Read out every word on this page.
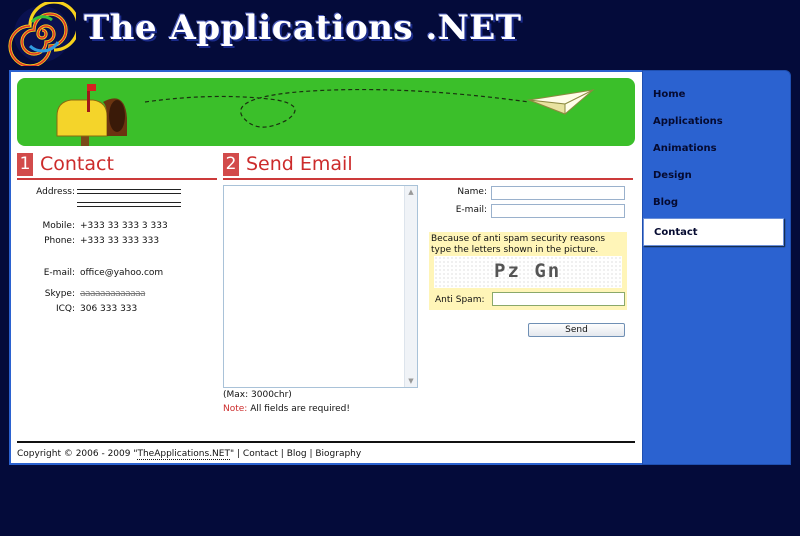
The Applications .NET
1 Contact	2 Send Email
Address:
Mobile: +333 33 333 3 333
Phone: +333 33 333 333
E-mail: office@yahoo.com
Skype: aaaaaaaaaaaaa
ICQ: 306 333 333
▲
▼
(Max: 3000chr)
Note: All fields are required!
Name:
E-mail:
Because of anti spam security reasons type the letters shown in the picture.
Pz Gn
Anti Spam:
Send
Copyright © 2006 - 2009 "TheApplications.NET" | Contact | Blog | Biography
Home
Applications
Animations
Design
Blog
Contact
